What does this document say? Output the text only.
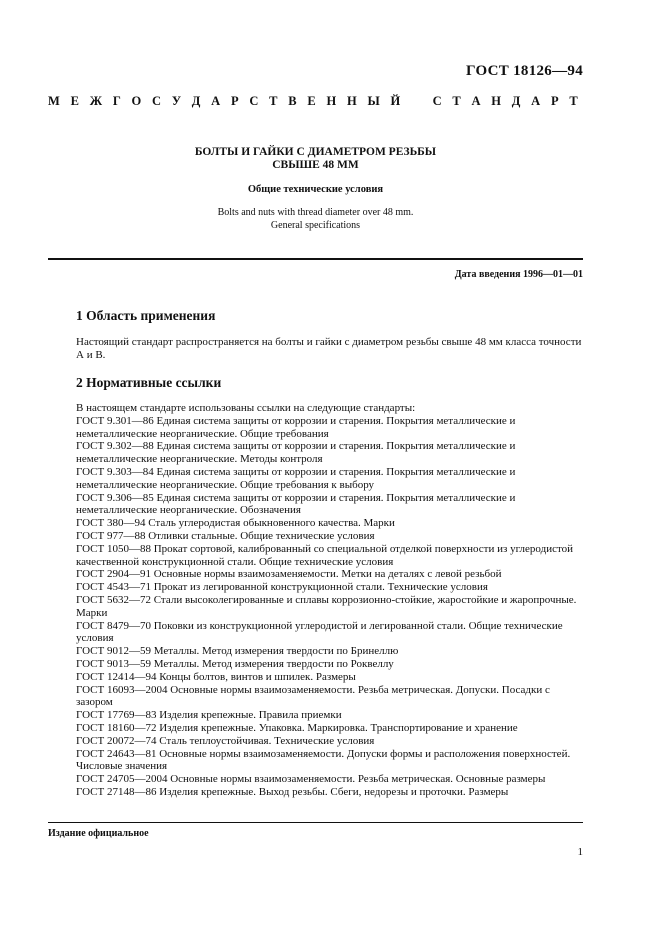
ГОСТ 18126—94
М Е Ж Г О С У Д А Р С Т В Е Н Н Ы Й	С Т А Н Д А Р Т
БОЛТЫ И ГАЙКИ С ДИАМЕТРОМ РЕЗЬБЫ
СВЫШЕ 48 ММ
Общие технические условия
Bolts and nuts with thread diameter over 48 mm.
General specifications
Дата введения 1996—01—01
1 Область применения
Настоящий стандарт распространяется на болты и гайки с диаметром резьбы свыше 48 мм класса точности А и В.
2 Нормативные ссылки
В настоящем стандарте использованы ссылки на следующие стандарты:
ГОСТ 9.301—86 Единая система защиты от коррозии и старения. Покрытия металлические и неметаллические неорганические. Общие требования
ГОСТ 9.302—88 Единая система защиты от коррозии и старения. Покрытия металлические и неметаллические неорганические. Методы контроля
ГОСТ 9.303—84 Единая система защиты от коррозии и старения. Покрытия металлические и неметаллические неорганические. Общие требования к выбору
ГОСТ 9.306—85 Единая система защиты от коррозии и старения. Покрытия металлические и неметаллические неорганические. Обозначения
ГОСТ 380—94 Сталь углеродистая обыкновенного качества. Марки
ГОСТ 977—88 Отливки стальные. Общие технические условия
ГОСТ 1050—88 Прокат сортовой, калиброванный со специальной отделкой поверхности из углеродистой качественной конструкционной стали. Общие технические условия
ГОСТ 2904—91 Основные нормы взаимозаменяемости. Метки на деталях с левой резьбой
ГОСТ 4543—71 Прокат из легированной конструкционной стали. Технические условия
ГОСТ 5632—72 Стали высоколегированные и сплавы коррозионно-стойкие, жаростойкие и жаропрочные. Марки
ГОСТ 8479—70 Поковки из конструкционной углеродистой и легированной стали. Общие технические условия
ГОСТ 9012—59 Металлы. Метод измерения твердости по Бринеллю
ГОСТ 9013—59 Металлы. Метод измерения твердости по Роквеллу
ГОСТ 12414—94 Концы болтов, винтов и шпилек. Размеры
ГОСТ 16093—2004 Основные нормы взаимозаменяемости. Резьба метрическая. Допуски. Посадки с зазором
ГОСТ 17769—83 Изделия крепежные. Правила приемки
ГОСТ 18160—72 Изделия крепежные. Упаковка. Маркировка. Транспортирование и хранение
ГОСТ 20072—74 Сталь теплоустойчивая. Технические условия
ГОСТ 24643—81 Основные нормы взаимозаменяемости. Допуски формы и расположения поверхностей. Числовые значения
ГОСТ 24705—2004 Основные нормы взаимозаменяемости. Резьба метрическая. Основные размеры
ГОСТ 27148—86 Изделия крепежные. Выход резьбы. Сбеги, недорезы и проточки. Размеры
Издание официальное
1
